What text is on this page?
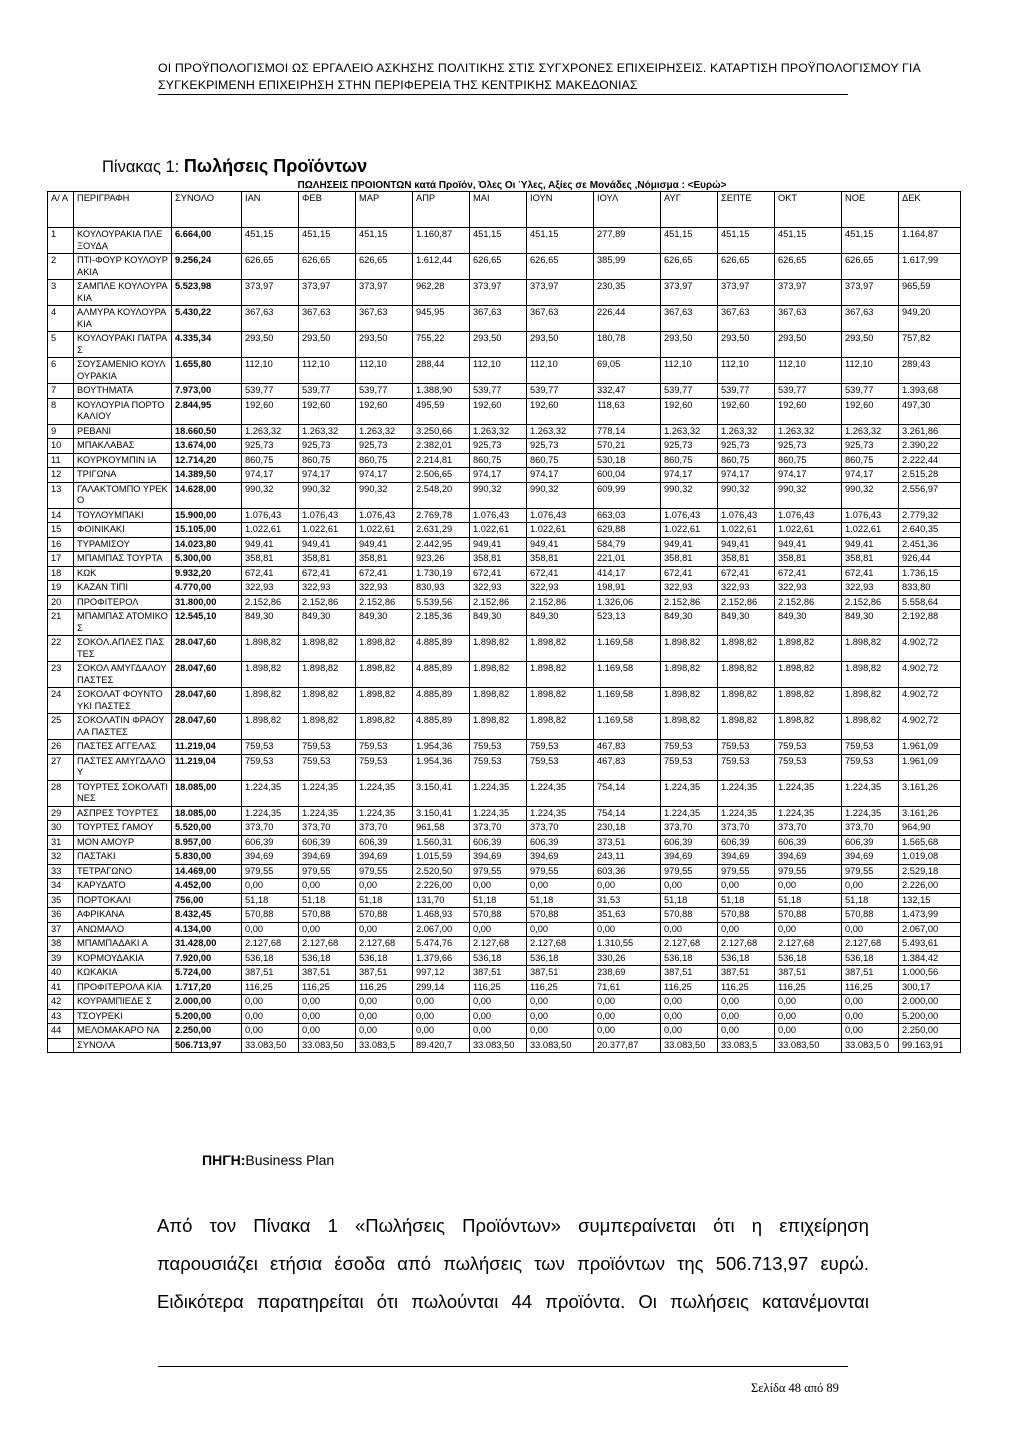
ΟΙ ΠΡΟΫΠΟΛΟΓΙΣΜΟΙ ΩΣ ΕΡΓΑΛΕΙΟ ΑΣΚΗΣΗΣ ΠΟΛΙΤΙΚΗΣ ΣΤΙΣ ΣΥΓΧΡΟΝΕΣ ΕΠΙΧΕΙΡΗΣΕΙΣ. ΚΑΤΑΡΤΙΣΗ ΠΡΟΫΠΟΛΟΓΙΣΜΟΥ ΓΙΑ
ΣΥΓΚΕΚΡΙΜΕΝΗ ΕΠΙΧΕΙΡΗΣΗ ΣΤΗΝ ΠΕΡΙΦΕΡΕΙΑ ΤΗΣ ΚΕΝΤΡΙΚΗΣ ΜΑΚΕΔΟΝΙΑΣ
Πίνακας 1: Πωλήσεις Προϊόντων
ΠΩΛΗΣΕΙΣ ΠΡΟΙΟΝΤΩΝ κατά Προϊόν, Όλες Οι Ύλες, Αξίες σε Μονάδες ,Νόμισμα : <Ευρώ>
Α/ Α	ΠΕΡΙΓΡΑΦΗ	ΣΥΝΟΛΟ	ΙΑΝ	ΦΕΒ	ΜΑΡ	ΑΠΡ	ΜΑΙ	ΙΟΥΝ	ΙΟΥΛ	ΑΥΓ	ΣΕΠΤΕ	ΟΚΤ	ΝΟΕ	ΔΕΚ
1	ΚΟΥΛΟΥΡΑΚΙΑ ΠΛΕΞΟΥΔΑ	6.664,00	451,15	451,15	451,15	1.160,87	451,15	451,15	277,89	451,15	451,15	451,15	451,15	1.164,87
2	ΠΤΙ-ΦΟΥΡ ΚΟΥΛΟΥΡΑΚΙΑ	9.256,24	626,65	626,65	626,65	1.612,44	626,65	626,65	385,99	626,65	626,65	626,65	626,65	1.617,99
3	ΣΑΜΠΛΕ ΚΟΥΛΟΥΡΑΚΙΑ	5.523,98	373,97	373,97	373,97	962,28	373,97	373,97	230,35	373,97	373,97	373,97	373,97	965,59
4	ΑΛΜΥΡΑ ΚΟΥΛΟΥΡΑΚΙΑ	5.430,22	367,63	367,63	367,63	945,95	367,63	367,63	226,44	367,63	367,63	367,63	367,63	949,20
5	ΚΟΥΛΟΥΡΑΚΙ ΠΑΤΡΑΣ	4.335,34	293,50	293,50	293,50	755,22	293,50	293,50	180,78	293,50	293,50	293,50	293,50	757,82
6	ΣΟΥΣΑΜΕΝΙΟ ΚΟΥΛΟΥΡΑΚΙΑ	1.655,80	112,10	112,10	112,10	288,44	112,10	112,10	69,05	112,10	112,10	112,10	112,10	289,43
7	ΒΟΥΤΗΜΑΤΑ	7.973,00	539,77	539,77	539,77	1.388,90	539,77	539,77	332,47	539,77	539,77	539,77	539,77	1.393,68
8	ΚΟΥΛΟΥΡΙΑ ΠΟΡΤΟΚΑΛΙΟΥ	2.844,95	192,60	192,60	192,60	495,59	192,60	192,60	118,63	192,60	192,60	192,60	192,60	497,30
9	ΡΕΒΑΝΙ	18.660,50	1.263,32	1.263,32	1.263,32	3.250,66	1.263,32	1.263,32	778,14	1.263,32	1.263,32	1.263,32	1.263,32	3.261,86
10	ΜΠΑΚΛΑΒΑΣ	13.674,00	925,73	925,73	925,73	2.382,01	925,73	925,73	570,21	925,73	925,73	925,73	925,73	2.390,22
11	ΚΟΥΡΚΟΥΜΠΙΝ ΙΑ	12.714,20	860,75	860,75	860,75	2.214,81	860,75	860,75	530,18	860,75	860,75	860,75	860,75	2.222,44
12	ΤΡΙΓΩΝΑ	14.389,50	974,17	974,17	974,17	2.506,65	974,17	974,17	600,04	974,17	974,17	974,17	974,17	2.515,28
13	ΓΑΛΑΚΤΟΜΠΟ ΥΡΕΚΟ	14.628,00	990,32	990,32	990,32	2.548,20	990,32	990,32	609,99	990,32	990,32	990,32	990,32	2.556,97
14	ΤΟΥΛΟΥΜΠΑΚΙ	15.900,00	1.076,43	1.076,43	1.076,43	2.769,78	1.076,43	1.076,43	663,03	1.076,43	1.076,43	1.076,43	1.076,43	2.779,32
15	ΦΟΙΝΙΚΑΚΙ	15.105,00	1.022,61	1.022,61	1.022,61	2.631,29	1.022,61	1.022,61	629,88	1.022,61	1.022,61	1.022,61	1.022,61	2.640,35
16	ΤΥΡΑΜΙΣΟΥ	14.023,80	949,41	949,41	949,41	2.442,95	949,41	949,41	584,79	949,41	949,41	949,41	949,41	2.451,36
17	ΜΠΑΜΠΑΣ ΤΟΥΡΤΑ	5.300,00	358,81	358,81	358,81	923,26	358,81	358,81	221,01	358,81	358,81	358,81	358,81	926,44
18	ΚΩΚ	9.932,20	672,41	672,41	672,41	1.730,19	672,41	672,41	414,17	672,41	672,41	672,41	672,41	1.736,15
19	ΚΑΖΑΝ ΤΙΠΙ	4.770,00	322,93	322,93	322,93	830,93	322,93	322,93	198,91	322,93	322,93	322,93	322,93	833,80
20	ΠΡΟΦΙΤΕΡΟΛ	31.800,00	2.152,86	2.152,86	2.152,86	5.539,56	2.152,86	2.152,86	1.326,06	2.152,86	2.152,86	2.152,86	2.152,86	5.558,64
21	ΜΠΑΜΠΑΣ ΑΤΟΜΙΚΟΣ	12.545,10	849,30	849,30	849,30	2.185,36	849,30	849,30	523,13	849,30	849,30	849,30	849,30	2.192,88
22	ΣΟΚΟΛ.ΑΠΛΕΣ ΠΑΣΤΕΣ	28.047,60	1.898,82	1.898,82	1.898,82	4.885,89	1.898,82	1.898,82	1.169,58	1.898,82	1.898,82	1.898,82	1.898,82	4.902,72
23	ΣΟΚΟΛ ΑΜΥΓΔΑΛΟΥ ΠΑΣΤΕΣ	28.047,60	1.898,82	1.898,82	1.898,82	4.885,89	1.898,82	1.898,82	1.169,58	1.898,82	1.898,82	1.898,82	1.898,82	4.902,72
24	ΣΟΚΟΛΑΤ ΦΟΥΝΤΟΥΚΙ ΠΑΣΤΕΣ	28.047,60	1.898,82	1.898,82	1.898,82	4.885,89	1.898,82	1.898,82	1.169,58	1.898,82	1.898,82	1.898,82	1.898,82	4.902,72
25	ΣΟΚΟΛΑΤΙΝ ΦΡΑΟΥΛΑ ΠΑΣΤΕΣ	28.047,60	1.898,82	1.898,82	1.898,82	4.885,89	1.898,82	1.898,82	1.169,58	1.898,82	1.898,82	1.898,82	1.898,82	4.902,72
26	ΠΑΣΤΕΣ ΑΓΓΕΛΑΣ	11.219,04	759,53	759,53	759,53	1.954,36	759,53	759,53	467,83	759,53	759,53	759,53	759,53	1.961,09
27	ΠΑΣΤΕΣ ΑΜΥΓΔΑΛΟΥ	11.219,04	759,53	759,53	759,53	1.954,36	759,53	759,53	467,83	759,53	759,53	759,53	759,53	1.961,09
28	ΤΟΥΡΤΕΣ ΣΟΚΟΛΑΤΙΝΕΣ	18.085,00	1.224,35	1.224,35	1.224,35	3.150,41	1.224,35	1.224,35	754,14	1.224,35	1.224,35	1.224,35	1.224,35	3.161,26
29	ΑΣΠΡΕΣ ΤΟΥΡΤΕΣ	18.085,00	1.224,35	1.224,35	1.224,35	3.150,41	1.224,35	1.224,35	754,14	1.224,35	1.224,35	1.224,35	1.224,35	3.161,26
30	ΤΟΥΡΤΕΣ ΓΑΜΟΥ	5.520,00	373,70	373,70	373,70	961,58	373,70	373,70	230,18	373,70	373,70	373,70	373,70	964,90
31	ΜΟΝ ΑΜΟΥΡ	8.957,00	606,39	606,39	606,39	1.560,31	606,39	606,39	373,51	606,39	606,39	606,39	606,39	1.565,68
32	ΠΑΣΤΑΚΙ	5.830,00	394,69	394,69	394,69	1.015,59	394,69	394,69	243,11	394,69	394,69	394,69	394,69	1.019,08
33	ΤΕΤΡΑΓΩΝΟ	14.469,00	979,55	979,55	979,55	2.520,50	979,55	979,55	603,36	979,55	979,55	979,55	979,55	2.529,18
34	ΚΑΡΥΔΑΤΟ	4.452,00	0,00	0,00	0,00	2.226,00	0,00	0,00	0,00	0,00	0,00	0,00	0,00	2.226,00
35	ΠΟΡΤΟΚΑΛΙ	756,00	51,18	51,18	51,18	131,70	51,18	51,18	31,53	51,18	51,18	51,18	51,18	132,15
36	ΑΦΡΙΚΑΝΑ	8.432,45	570,88	570,88	570,88	1.468,93	570,88	570,88	351,63	570,88	570,88	570,88	570,88	1.473,99
37	ΑΝΩΜΑΛΟ	4.134,00	0,00	0,00	0,00	2.067,00	0,00	0,00	0,00	0,00	0,00	0,00	0,00	2.067,00
38	ΜΠΑΜΠΑΔΑΚΙ Α	31.428,00	2.127,68	2.127,68	2.127,68	5.474,76	2.127,68	2.127,68	1.310,55	2.127,68	2.127,68	2.127,68	2.127,68	5.493,61
39	ΚΟΡΜΟΥΔΑΚΙΑ	7.920,00	536,18	536,18	536,18	1.379,66	536,18	536,18	330,26	536,18	536,18	536,18	536,18	1.384,42
40	ΚΩΚΑΚΙΑ	5.724,00	387,51	387,51	387,51	997,12	387,51	387,51	238,69	387,51	387,51	387,51	387,51	1.000,56
41	ΠΡΟΦΙΤΕΡΟΛΑ ΚΙΑ	1.717,20	116,25	116,25	116,25	299,14	116,25	116,25	71,61	116,25	116,25	116,25	116,25	300,17
42	ΚΟΥΡΑΜΠΙΕΔΕ Σ	2.000,00	0,00	0,00	0,00	0,00	0,00	0,00	0,00	0,00	0,00	0,00	0,00	2.000,00
43	ΤΣΟΥΡΕΚΙ	5.200,00	0,00	0,00	0,00	0,00	0,00	0,00	0,00	0,00	0,00	0,00	0,00	5.200,00
44	ΜΕΛΟΜΑΚΑΡΟ ΝΑ	2.250,00	0,00	0,00	0,00	0,00	0,00	0,00	0,00	0,00	0,00	0,00	0,00	2.250,00
	ΣΥΝΟΛΑ	506.713,97	33.083,50	33.083,50	33.083,5	89.420,7	33.083,50	33.083,50	20.377,87	33.083,50	33.083,5	33.083,50	33.083,5 0	99.163,91
ΠΗΓΗ:Business Plan
Από τον Πίνακα 1 «Πωλήσεις Προϊόντων» συμπεραίνεται ότι η επιχείρηση
παρουσιάζει ετήσια έσοδα από πωλήσεις των προϊόντων της 506.713,97 ευρώ.
Ειδικότερα παρατηρείται ότι πωλούνται 44 προϊόντα. Οι πωλήσεις κατανέμονται
Σελίδα 48 από 89
